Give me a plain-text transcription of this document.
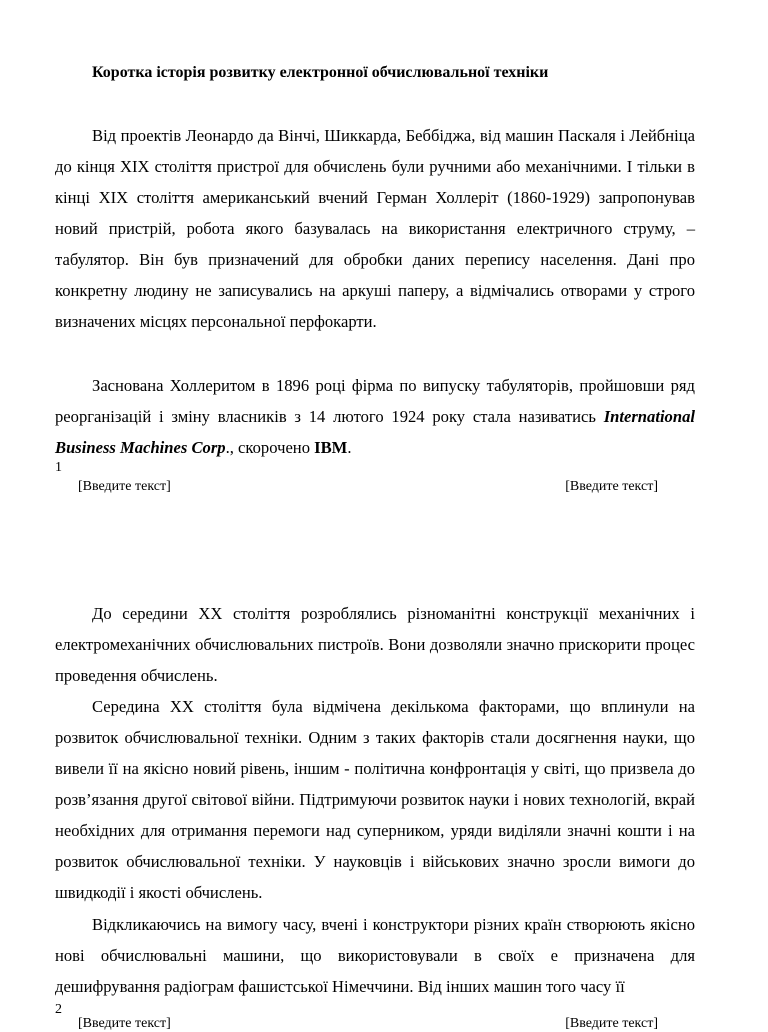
Коротка історія розвитку електронної обчислювальної техніки

Від проектів Леонардо да Вінчі, Шиккарда, Беббіджа, від машин Паскаля і Лейбніца до кінця XIX століття пристрої для обчислень були ручними або механічними. І тільки в кінці XIX століття американський вчений Герман Холлеріт (1860-1929) запропонував новий пристрій, робота якого базувалась на використання електричного струму, – табулятор. Він був призначений для обробки даних перепису населення. Дані про конкретну людину не записувались на аркуші паперу, а відмічались отворами у строго визначених місцях персональної перфокарти.

Заснована Холлеритом в 1896 році фірма по випуску табуляторів, пройшовши ряд реорганізацій і зміну власників з 14 лютого 1924 року стала називатись International Business Machines Corp., скорочено IBM.

1
[Введите текст]	[Введите текст]

До середини XX століття розроблялись різноманітні конструкції механічних і електромеханічних обчислювальних пистроїв. Вони дозволяли значно прискорити процес проведення обчислень.

Середина XX століття була відмічена декількома факторами, що вплинули на розвиток обчислювальної техніки. Одним з таких факторів стали досягнення науки, що вивели її на якісно новий рівень, іншим - політична конфронтація у світі, що призвела до розв’язання другої світової війни. Підтримуючи розвиток науки і нових технологій, вкрай необхідних для отримання перемоги над суперником, уряди виділяли значні кошти і на розвиток обчислювальної техніки. У науковців і військових значно зросли вимоги до швидкодії і якості обчислень.

Відкликаючись на вимогу часу, вчені і конструктори різних країн створюють якісно нові обчислювальні машини, що використовували в своїх е призначена для дешифрування радіограм фашистської Німеччини. Від інших машин того часу її

2
[Введите текст]	[Введите текст]
